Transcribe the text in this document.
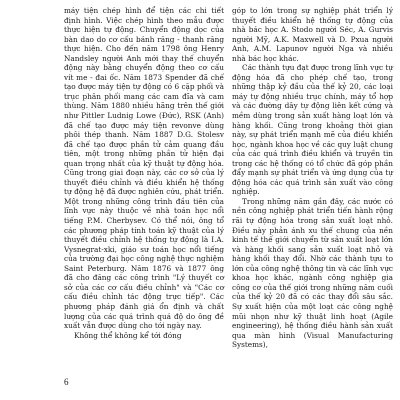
máy tiện chép hình để tiện các chi tiết định hình. Việc chép hình theo mẫu được thực hiện tự động. Chuyển động dọc của bàn dao do cơ cấu bánh răng - thanh răng thực hiện. Cho đến năm 1798 ông Henry Nandsley người Anh mới thay thế chuyển động này bằng chuyển động theo cơ cấu vít me - đai ốc. Năm 1873 Spender đã chế tạo được máy tiện tự động có 6 cặp phối và trục phân phối mang các cam đĩa và cam thùng. Năm 1880 nhiều hãng trên thế giới như Pittler Ludnig Lowe (Đức), RSK (Anh) đã chế tạo được máy tiện revonve dùng phôi thép thanh. Năm 1887 D.G. Stolesv đã chế tạo được phần tử cảm quang đầu tiên, một trong những phần tử hiện đại quan trọng nhất của kỹ thuật tự động hóa. Cũng trong giai đoạn này, các cơ sở của lý thuyết điều chỉnh và điều khiển hệ thống tự động hệ đã được nghiên cứu, phát triển. Một trong những công trình đầu tiên của lĩnh vực này thuộc về nhà toán học nổi tiếng P.M. Cherbysev. Có thể nói, ông tổ các phương pháp tính toán kỹ thuật của lý thuyết điều chỉnh hệ thống tự động là I.A. Vysnegrat-xki, giáo sư toán học nổi tiếng của trường đại học công nghệ thực nghiệm Saint Peterburg. Năm 1876 và 1877 ông đã cho đăng các công trình "Lý thuyết cơ sở của các cơ cấu điều chỉnh" và "Các cơ cấu điều chỉnh tác động trực tiếp". Các phương pháp đánh giá ổn định và chất lượng của các quá trình quá độ do ông đề xuất vẫn được dùng cho tới ngày nay.

Không thể không kể tới đóng

góp to lớn trong sự nghiệp phát triển lý thuyết điều khiển hệ thống tự động của nhà bác học A. Stodo người Séc, A. Gurvis người Mỹ, A.K. Maxwell và D. Pxua người Anh, A.M. Lapunov người Nga và nhiều nhà bác học khác.

Các thành tựu đạt được trong lĩnh vực tự động hóa đã cho phép chế tạo, trong những thập kỷ đầu của thế kỷ 20, các loại máy tự động nhiều trục chính, máy tổ hợp và các đường dây tự động liên kết cứng và mềm dùng trong sản xuất hàng loạt lớn và hàng khối. Cũng trong khoảng thời gian này, sự phát triển mạnh mẽ của điều khiển học, ngành khoa học về các quy luật chung của các quá trình điều khiển và truyền tin trong các hệ thống có tổ chức đã góp phần đẩy mạnh sự phát triển và ứng dụng của tự động hóa các quá trình sản xuất vào công nghiệp.

Trong những năm gần đây, các nước có nền công nghiệp phát triển tiến hành rộng rãi tự động hóa trong sản xuất loạt nhỏ. Điều này phản ánh xu thế chung của nền kinh tế thế giới chuyển từ sản xuất loạt lớn và hàng khối sang sản xuất loạt nhỏ và hàng khối thay đổi. Nhờ các thành tựu to lớn của công nghệ thông tin và các lĩnh vực khoa học khác, ngành công nghiệp gia công cơ của thế giới trong những năm cuối của thế kỷ 20 đã có các thay đổi sâu sắc. Sự xuất hiện của một loạt các công nghệ mũi nhọn như kỹ thuật linh hoạt (Agile engineering), hệ thống điều hành sản xuất qua màn hình (Visual Manufacturing Systems),

6
